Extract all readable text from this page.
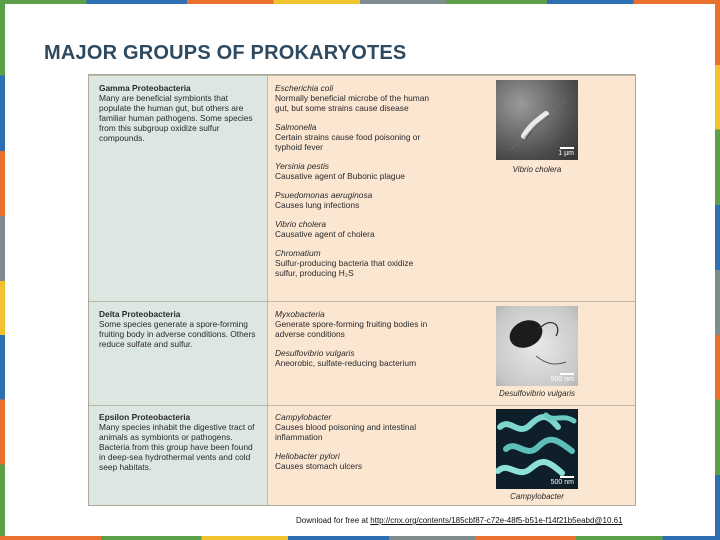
MAJOR GROUPS OF PROKARYOTES
Gamma Proteobacteria
Many are beneficial symbionts that populate the human gut, but others are familiar human pathogens. Some species from this subgroup oxidize sulfur compounds.
Escherichia coli
Normally beneficial microbe of the human gut, but some strains cause disease
Salmonella
Certain strains cause food poisoning or typhoid fever
Yersinia pestis
Causative agent of Bubonic plague
Psuedomonas aeruginosa
Causes lung infections
Vibrio cholera
Causative agent of cholera
Chromatium
Sulfur-producing bacteria that oxidize sulfur, producing H₂S
Delta Proteobacteria
Some species generate a spore-forming fruiting body in adverse conditions. Others reduce sulfate and sulfur.
Myxobacteria
Generate spore-forming fruiting bodies in adverse conditions
Desulfovibrio vulgaris
Aneorobic, sulfate-reducing bacterium
Epsilon Proteobacteria
Many species inhabit the digestive tract of animals as symbionts or pathogens. Bacteria from this group have been found in deep-sea hydrothermal vents and cold seep habitats.
Campylobacter
Causes blood poisoning and intestinal inflammation
Heliobacter pylori
Causes stomach ulcers
1 µm
Vibrio cholera
500 nm
Desulfovibrio vulgaris
500 nm
Campylobacter
Download for free at http://cnx.org/contents/185cbf87-c72e-48f5-b51e-f14f21b5eabd@10.61
